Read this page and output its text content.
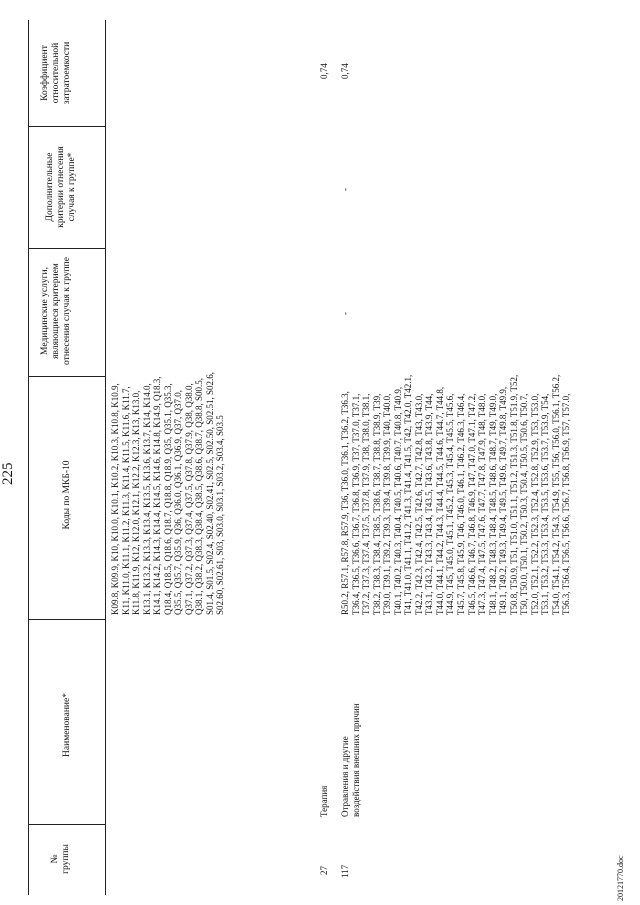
225
№ группы
Наименование*
Коды по МКБ-10
Медицинские услуги, являющиеся критерием отнесения случая к группе
Дополнительные критерии отнесения случая к группе*
Коэффициент относительной затратоемкости
K09.8, K09.9, K10, K10.0, K10.1, K10.2, K10.3, K10.8, K10.9, K11, K11.0, K11.1, K11.2, K11.3, K11.4, K11.5, K11.6, K11.7, K11.8, K11.9, K12, K12.0, K12.1, K12.2, K12.3, K13, K13.0, K13.1, K13.2, K13.3, K13.4, K13.5, K13.6, K13.7, K14, K14.0, K14.1, K14.2, K14.3, K14.4, K14.5, K14.6, K14.8, K14.9, Q18.3, Q18.4, Q18.5, Q18.6, Q18.7, Q18.8, Q18.9, Q35, Q35.1, Q35.3, Q35.5, Q35.7, Q35.9, Q36, Q36.0, Q36.1, Q36.9, Q37, Q37.0, Q37.1, Q37.2, Q37.3, Q37.4, Q37.5, Q37.8, Q37.9, Q38, Q38.0, Q38.1, Q38.2, Q38.3, Q38.4, Q38.5, Q38.6, Q38.7, Q38.8, S00.5, S01.4, S01.5, S02.4, S02.40, S02.41, S02.5, S02.50, S02.51, S02.6, S02.60, S02.61, S03, S03.0, S03.1, S03.2, S03.4, S03.5
27
Терапия
0,74
117
Отравления и другие воздействия внешних причин
-
-
0,74
R50.2, R57.1, R57.8, R57.9, T36, T36.0, T36.1, T36.2, T36.3, T36.4, T36.5, T36.6, T36.7, T36.8, T36.9, T37, T37.0, T37.1, T37.2, T37.3, T37.4, T37.5, T37.8, T37.9, T38, T38.0, T38.1, T38.2, T38.3, T38.4, T38.5, T38.6, T38.7, T38.8, T38.9, T39, T39.0, T39.1, T39.2, T39.3, T39.4, T39.8, T39.9, T40, T40.0, T40.1, T40.2, T40.3, T40.4, T40.5, T40.6, T40.7, T40.8, T40.9, T41, T41.0, T41.1, T41.2, T41.3, T41.4, T41.5, T42, T42.0, T42.1, T42.2, T42.3, T42.4, T42.5, T42.6, T42.7, T42.8, T43, T43.0, T43.1, T43.2, T43.3, T43.4, T43.5, T43.6, T43.8, T43.9, T44, T44.0, T44.1, T44.2, T44.3, T44.4, T44.5, T44.6, T44.7, T44.8, T44.9, T45, T45.0, T45.1, T45.2, T45.3, T45.4, T45.5, T45.6, T45.7, T45.8, T45.9, T46, T46.0, T46.1, T46.2, T46.3, T46.4, T46.5, T46.6, T46.7, T46.8, T46.9, T47, T47.0, T47.1, T47.2, T47.3, T47.4, T47.5, T47.6, T47.7, T47.8, T47.9, T48, T48.0, T48.1, T48.2, T48.3, T48.4, T48.5, T48.6, T48.7, T49, T49.0, T49.1, T49.2, T49.3, T49.4, T49.5, T49.6, T49.7, T49.8, T49.9, T50.8, T50.9, T51, T51.0, T51.1, T51.2, T51.3, T51.8, T51.9, T52, T50, T50.0, T50.1, T50.2, T50.3, T50.4, T50.5, T50.6, T50.7, T52.0, T52.1, T52.2, T52.3, T52.4, T52.8, T52.9, T53, T53.0, T53.1, T53.2, T53.3, T53.4, T53.5, T53.6, T53.7, T53.9, T54, T54.0, T54.1, T54.2, T54.3, T54.9, T55, T56, T56.0, T56.1, T56.2, T56.3, T56.4, T56.5, T56.6, T56.7, T56.8, T56.9, T57, T57.0,
20121770.doc
